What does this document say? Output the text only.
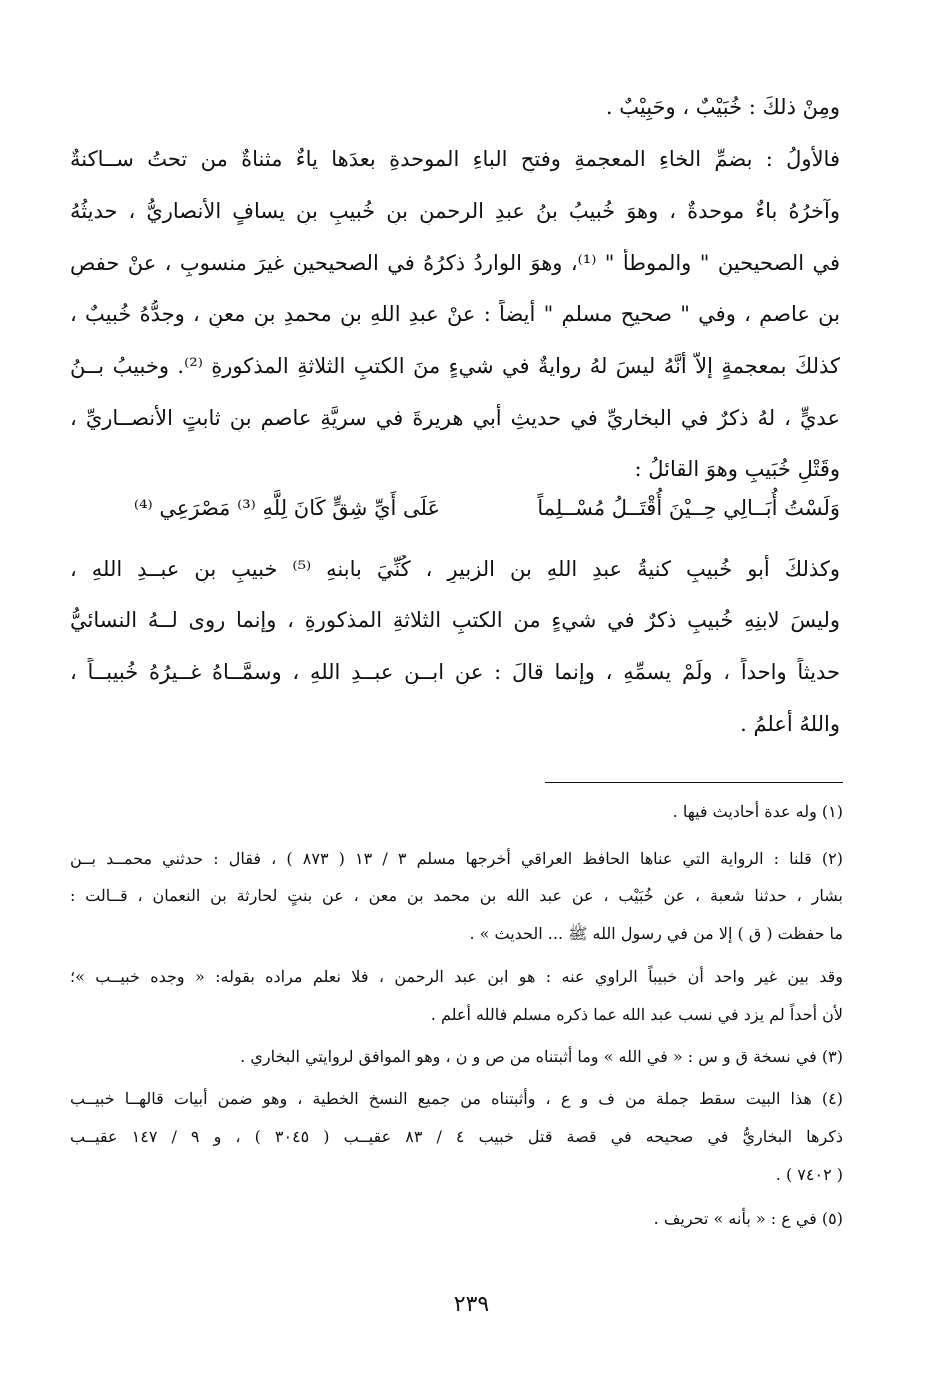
ومِنْ ذلكَ : خُبَيْبٌ ، وحَبِيْبٌ .
فالأولُ : بضمِّ الخاءِ المعجمةِ وفتحِ الباءِ الموحدةِ بعدَها ياءٌ مثناةٌ من تحتُ ســاكنةٌ
وآخرُهُ باءٌ موحدةٌ ، وهوَ خُبيبُ بنُ عبدِ الرحمنِ بنِ خُبيبِ بنِ يسافٍ الأنصاريُّ ، حديثُهُ
في الصحيحينِ " والموطأ " ⁽¹⁾، وهوَ الواردُ ذكرُهُ في الصحيحينِ غيرَ منسوبٍ ، عنْ حفصِ
بنِ عاصمٍ ، وفي " صحيحِ مسلمٍ " أيضاً : عنْ عبدِ اللهِ بنِ محمدِ بنِ معنٍ ، وجدُّهُ خُبيبٌ ،
كذلكَ بمعجمةٍ إلاَّ أنَّهُ ليسَ لهُ روايةٌ في شيءٍ منَ الكتبِ الثلاثةِ المذكورةِ ⁽²⁾. وخبيبُ بــنُ
عديٍّ ، لهُ ذكرٌ في البخاريِّ في حديثِ أبي هريرةَ في سريَّةِ عاصمِ بنِ ثابتٍ الأنصــاريِّ ،
وقَتْلِ خُبَيبٍ وهوَ القائلُ :
وَلَسْتُ أُبَــالِي حِــيْنَ أُقْتَــلُ مُسْــلِماً
عَلَى أَيِّ شِقٍّ كَانَ لِلَّهِ ⁽³⁾ مَصْرَعِي ⁽⁴⁾
وكذلكَ أبو خُبيبٍ كنيةُ عبدِ اللهِ بنِ الزبيرِ ، كُنِّيَ بابنهِ ⁽⁵⁾ خبيبِ بنِ عبــدِ اللهِ ،
وليسَ لابنِهِ خُبيبٍ ذكرٌ في شيءٍ من الكتبِ الثلاثةِ المذكورةِ ، وإنما روى لــهُ النسائيُّ
حديثاً واحداً ، ولَمْ يسمِّهِ ، وإنما قالَ : عنِ ابــنِ عبــدِ اللهِ ، وسمَّــاهُ غــيرُهُ خُبيبــاً ،
واللهُ أعلمُ .
(١) وله عدة أحاديث فيها .
(٢) قلنا : الرواية التي عناها الحافظ العراقي أخرجها مسلم ٣ / ١٣ ( ٨٧٣ ) ، فقال : حدثني محمــد بــن
بشار ، حدثنا شعبة ، عن خُبَيْب ، عن عبد الله بن محمد بن معن ، عن بنتٍ لحارثة بن النعمان ، قــالت :
ما حفظت ( ق ) إلا من في رسول الله ﷺ ... الحديث » .
وقد بين غير واحد أن خبيباً الراوي عنه : هو ابن عبد الرحمن ، فلا نعلم مراده بقوله: « وجده خبيــب »؛
لأن أحداً لم يزد في نسب عبد الله عما ذكره مسلم فالله أعلم .
(٣) في نسخة ق و س : « في الله » وما أثبتناه من ص و ن ، وهو الموافق لروايتي البخاري .
(٤) هذا البيت سقط جملة من ف و ع ، وأثبتناه من جميع النسخ الخطية ، وهو ضمن أبيات قالهــا خبيــب
ذكرها البخاريُّ في صحيحه في قصة قتل خبيب ٤ / ٨٣ عقيــب ( ٣٠٤٥ ) ، و ٩ / ١٤٧ عقيــب
( ٧٤٠٢ ) .
(٥) في ع : « بأنه » تحريف .
٢٣٩
